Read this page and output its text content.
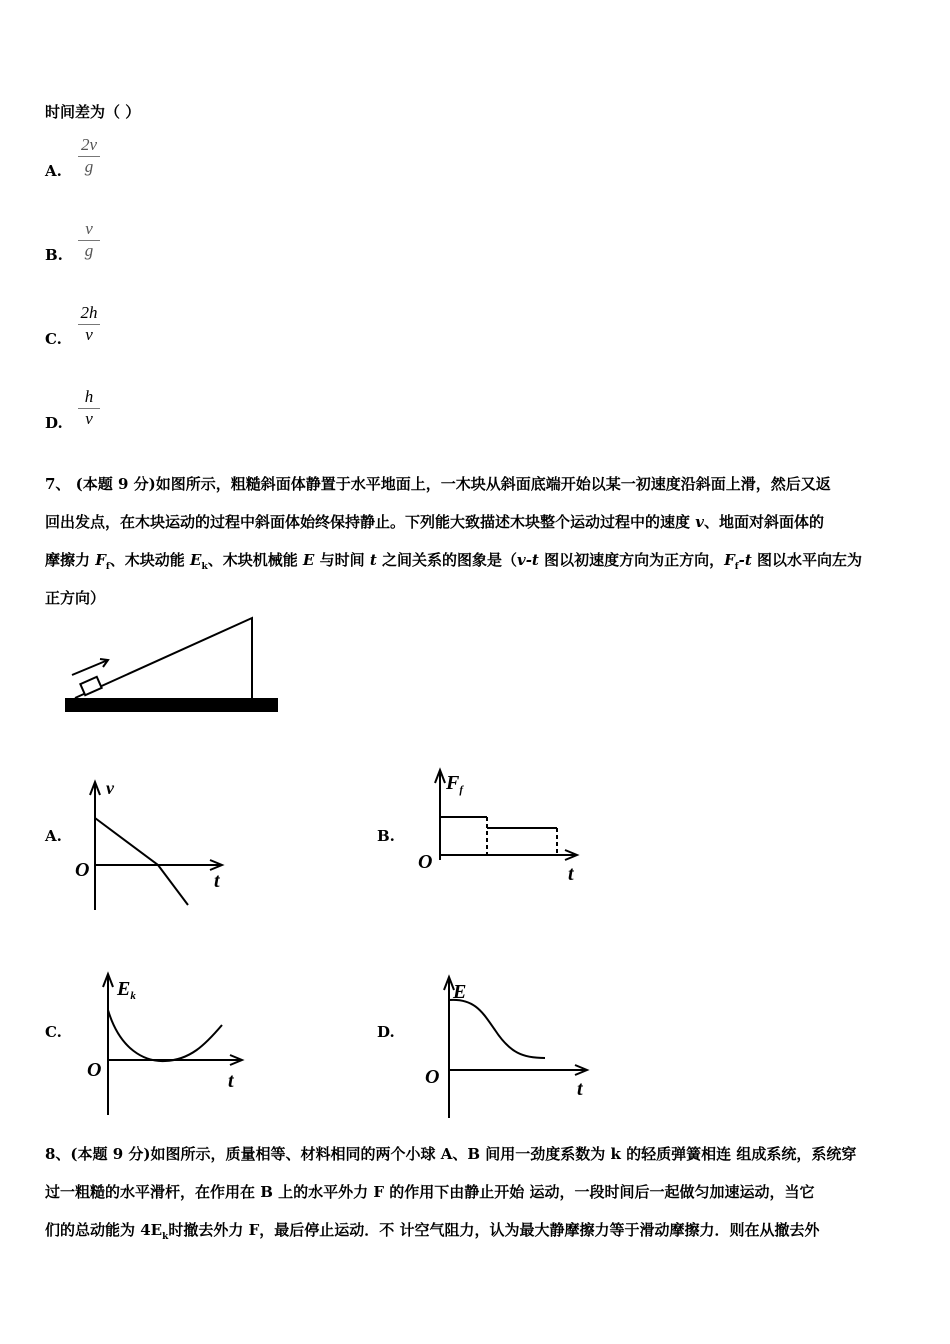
时间差为（ ）
A. $\frac{2v}{g}$
B. $\frac{v}{g}$
C. $\frac{2h}{v}$
D. $\frac{h}{v}$
7、 (本题 9 分)如图所示，粗糙斜面体静置于水平地面上，一木块从斜面底端开始以某一初速度沿斜面上滑，然后又返
回出发点，在木块运动的过程中斜面体始终保持静止。下列能大致描述木块整个运动过程中的速度 v、地面对斜面体的
摩擦力 $F_f$、木块动能 $E_k$、木块机械能 E 与时间 t 之间关系的图象是（v-t 图以初速度方向为正方向，$F_f-t$ 图以水平向左为
正方向）
A.
v
O	t
B.
$F_f$
O
t
C.
$E_k$
O	t
D.
E
O
t
8、(本题 9 分)如图所示，质量相等、材料相同的两个小球 A、B 间用一劲度系数为 k 的轻质弹簧相连 组成系统，系统穿
过一粗糙的水平滑杆，在作用在 B 上的水平外力 F 的作用下由静止开始 运动，一段时间后一起做匀加速运动，当它
们的总动能为 $4E_k$时撤去外力 F，最后停止运动．不 计空气阻力，认为最大静摩擦力等于滑动摩擦力．则在从撤去外
